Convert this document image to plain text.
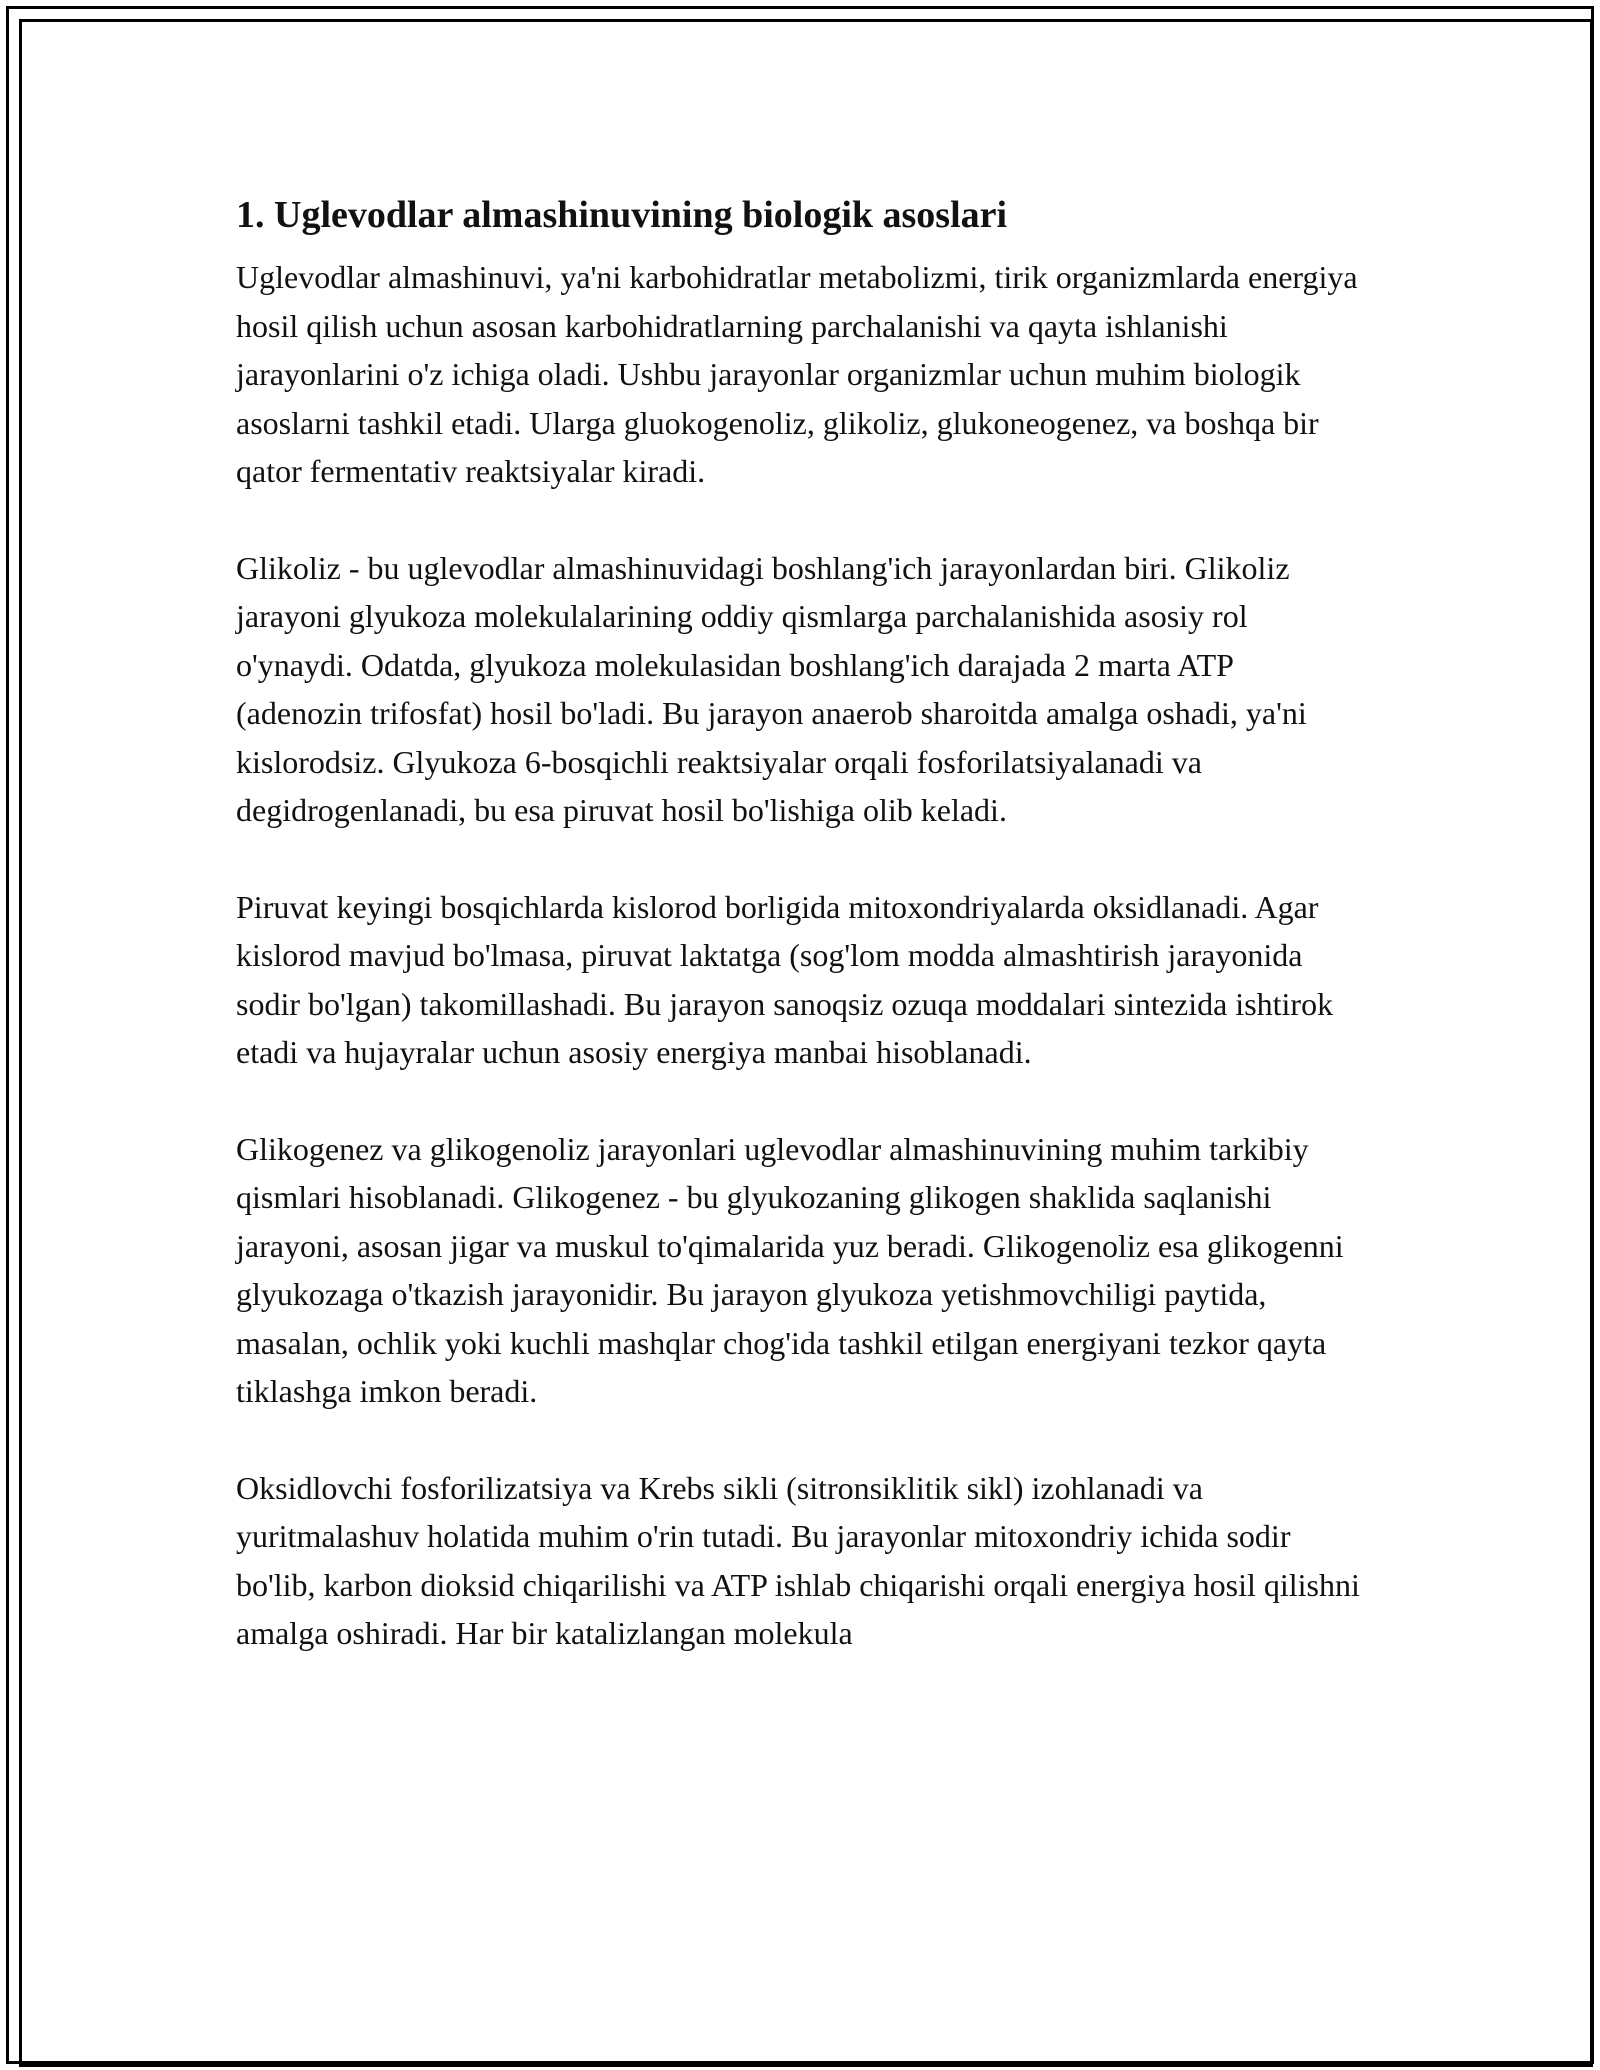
1. Uglevodlar almashinuvining biologik asoslari

Uglevodlar almashinuvi, ya'ni karbohidratlar metabolizmi, tirik organizmlarda energiya hosil qilish uchun asosan karbohidratlarning parchalanishi va qayta ishlanishi jarayonlarini o'z ichiga oladi. Ushbu jarayonlar organizmlar uchun muhim biologik asoslarni tashkil etadi. Ularga gluokogenoliz, glikoliz, glukoneogenez, va boshqa bir qator fermentativ reaktsiyalar kiradi.

Glikoliz - bu uglevodlar almashinuvidagi boshlang'ich jarayonlardan biri. Glikoliz jarayoni glyukoza molekulalarining oddiy qismlarga parchalanishida asosiy rol o'ynaydi. Odatda, glyukoza molekulasidan boshlang'ich darajada 2 marta ATP (adenozin trifosfat) hosil bo'ladi. Bu jarayon anaerob sharoitda amalga oshadi, ya'ni kislorodsiz. Glyukoza 6-bosqichli reaktsiyalar orqali fosforilatsiyalanadi va degidrogenlanadi, bu esa piruvat hosil bo'lishiga olib keladi.

Piruvat keyingi bosqichlarda kislorod borligida mitoxondriyalarda oksidlanadi. Agar kislorod mavjud bo'lmasa, piruvat laktatga (sog'lom modda almashtirish jarayonida sodir bo'lgan) takomillashadi. Bu jarayon sanoqsiz ozuqa moddalari sintezida ishtirok etadi va hujayralar uchun asosiy energiya manbai hisoblanadi.

Glikogenez va glikogenoliz jarayonlari uglevodlar almashinuvining muhim tarkibiy qismlari hisoblanadi. Glikogenez - bu glyukozaning glikogen shaklida saqlanishi jarayoni, asosan jigar va muskul to'qimalarida yuz beradi. Glikogenoliz esa glikogenni glyukozaga o'tkazish jarayonidir. Bu jarayon glyukoza yetishmovchiligi paytida, masalan, ochlik yoki kuchli mashqlar chog'ida tashkil etilgan energiyani tezkor qayta tiklashga imkon beradi.

Oksidlovchi fosforilizatsiya va Krebs sikli (sitronsiklitik sikl) izohlanadi va yuritmalashuv holatida muhim o'rin tutadi. Bu jarayonlar mitoxondriy ichida sodir bo'lib, karbon dioksid chiqarilishi va ATP ishlab chiqarishi orqali energiya hosil qilishni amalga oshiradi. Har bir katalizlangan molekula
